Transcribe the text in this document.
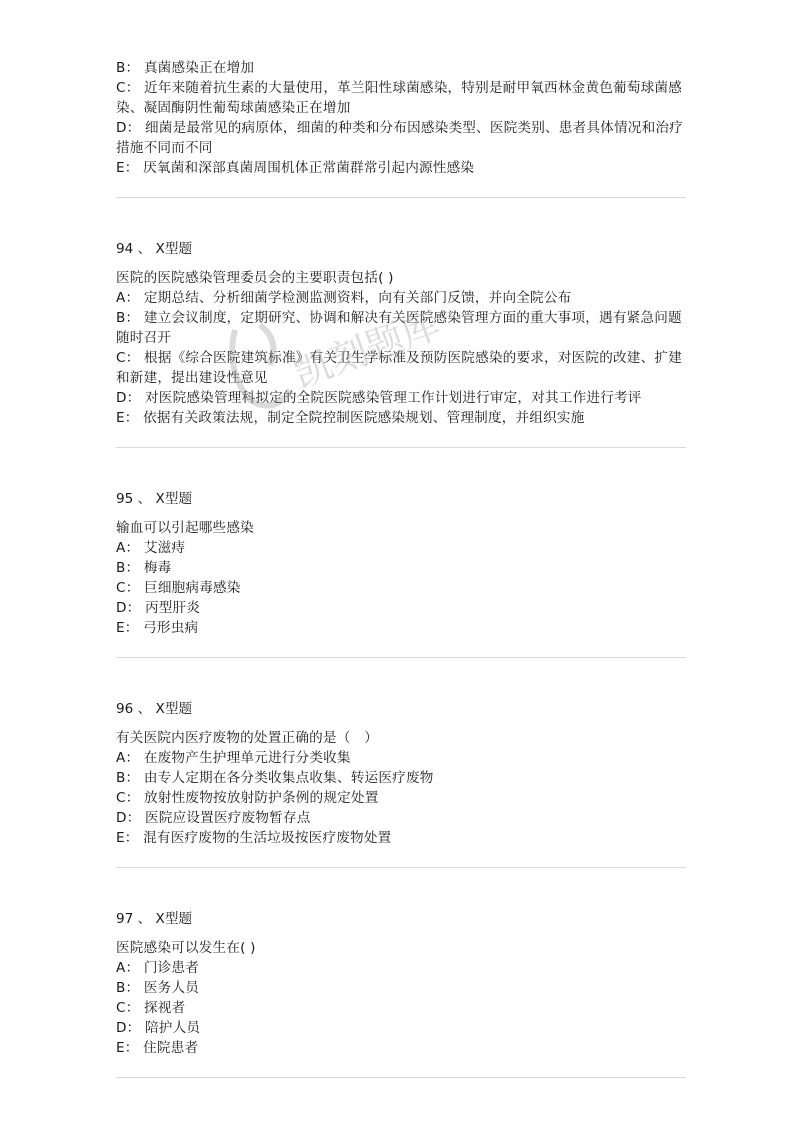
B： 真菌感染正在增加
C： 近年来随着抗生素的大量使用，革兰阳性球菌感染，特别是耐甲氧西林金黄色葡萄球菌感染、凝固酶阴性葡萄球菌感染正在增加
D： 细菌是最常见的病原体，细菌的种类和分布因感染类型、医院类别、患者具体情况和治疗措施不同而不同
E： 厌氧菌和深部真菌周围机体正常菌群常引起内源性感染
94 、 X型题
医院的医院感染管理委员会的主要职责包括( )
A： 定期总结、分析细菌学检测监测资料，向有关部门反馈，并向全院公布
B： 建立会议制度，定期研究、协调和解决有关医院感染管理方面的重大事项，遇有紧急问题随时召开
C： 根据《综合医院建筑标准》有关卫生学标准及预防医院感染的要求，对医院的改建、扩建和新建，提出建设性意见
D： 对医院感染管理科拟定的全院医院感染管理工作计划进行审定，对其工作进行考评
E： 依据有关政策法规，制定全院控制医院感染规划、管理制度，并组织实施
95 、 X型题
输血可以引起哪些感染
A： 艾滋痔
B： 梅毒
C： 巨细胞病毒感染
D： 丙型肝炎
E： 弓形虫病
96 、 X型题
有关医院内医疗废物的处置正确的是（　）
A： 在废物产生护理单元进行分类收集
B： 由专人定期在各分类收集点收集、转运医疗废物
C： 放射性废物按放射防护条例的规定处置
D： 医院应设置医疗废物暂存点
E： 混有医疗废物的生活垃圾按医疗废物处置
97 、 X型题
医院感染可以发生在( )
A： 门诊患者
B： 医务人员
C： 探视者
D： 陪护人员
E： 住院患者
凯刻题库
